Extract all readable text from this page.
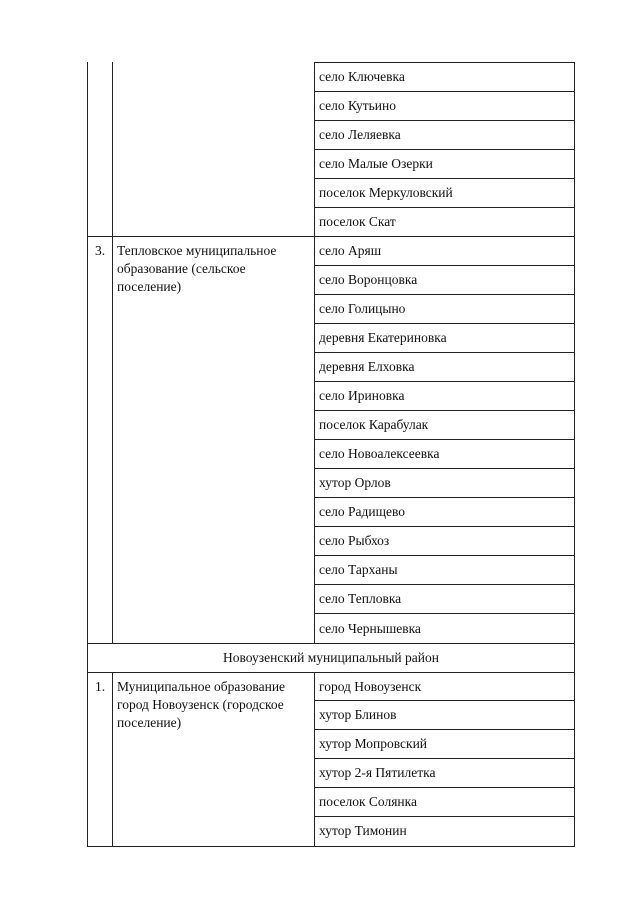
село Ключевка
село Кутьино
село Леляевка
село Малые Озерки
поселок Меркуловский
поселок Скат
3. Тепловское муниципальное образование (сельское поселение)
село Аряш
село Воронцовка
село Голицыно
деревня Екатериновка
деревня Елховка
село Ириновка
поселок Карабулак
село Новоалексеевка
хутор Орлов
село Радищево
село Рыбхоз
село Тарханы
село Тепловка
село Чернышевка
Новоузенский муниципальный район
1. Муниципальное образование город Новоузенск (городское поселение)
город Новоузенск
хутор Блинов
хутор Мопровский
хутор 2-я Пятилетка
поселок Солянка
хутор Тимонин
